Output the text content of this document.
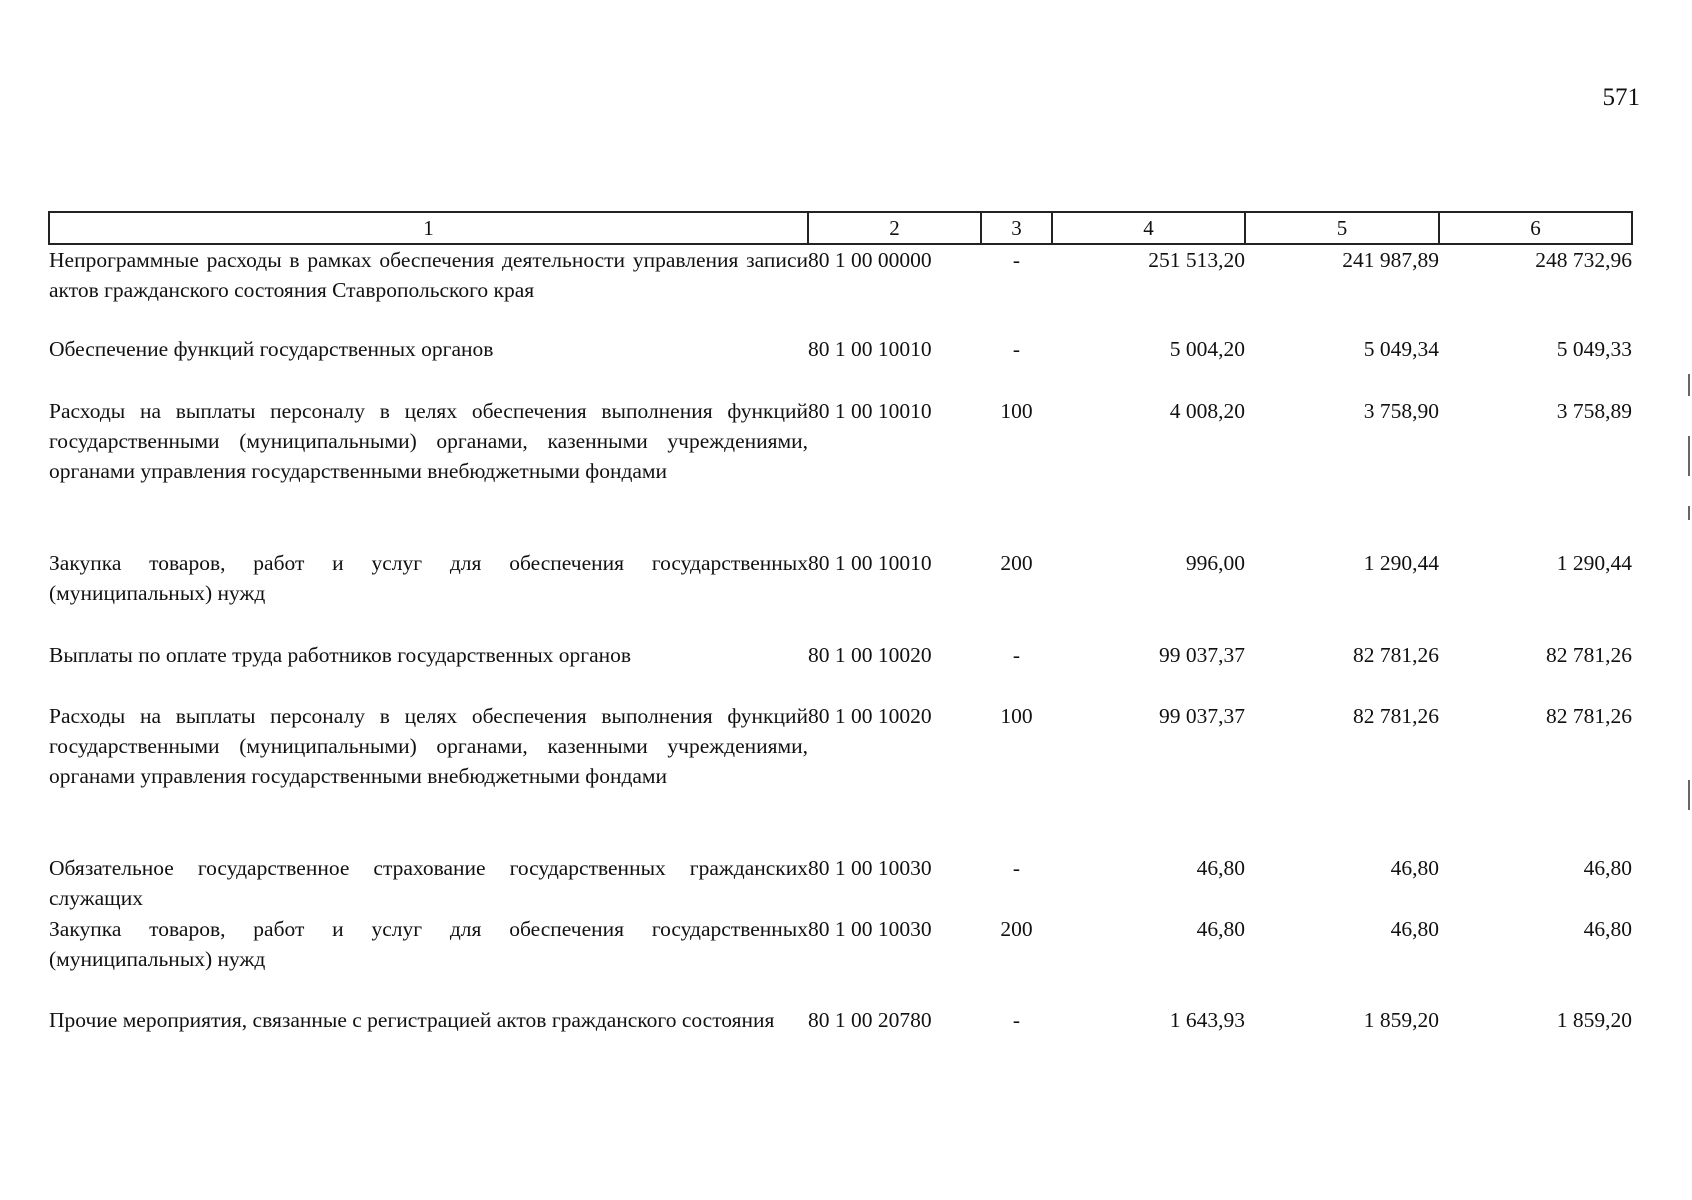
571
1	2	3	4	5	6
Непрограммные расходы в рамках обеспечения деятельности управления записи актов гражданского состояния Ставропольского края	80 1 00 00000	-	251 513,20	241 987,89	248 732,96
Обеспечение функций государственных органов	80 1 00 10010	-	5 004,20	5 049,34	5 049,33
Расходы на выплаты персоналу в целях обеспечения выполнения функций государственными (муниципальными) органами, казенными учреждениями, органами управления государственными внебюджетными фондами	80 1 00 10010	100	4 008,20	3 758,90	3 758,89
Закупка товаров, работ и услуг для обеспечения государственных (муниципальных) нужд	80 1 00 10010	200	996,00	1 290,44	1 290,44
Выплаты по оплате труда работников государственных органов	80 1 00 10020	-	99 037,37	82 781,26	82 781,26
Расходы на выплаты персоналу в целях обеспечения выполнения функций государственными (муниципальными) органами, казенными учреждениями, органами управления государственными внебюджетными фондами	80 1 00 10020	100	99 037,37	82 781,26	82 781,26
Обязательное государственное страхование государственных гражданских служащих	80 1 00 10030	-	46,80	46,80	46,80
Закупка товаров, работ и услуг для обеспечения государственных (муниципальных) нужд	80 1 00 10030	200	46,80	46,80	46,80
Прочие мероприятия, связанные с регистрацией актов гражданского состояния	80 1 00 20780	-	1 643,93	1 859,20	1 859,20
